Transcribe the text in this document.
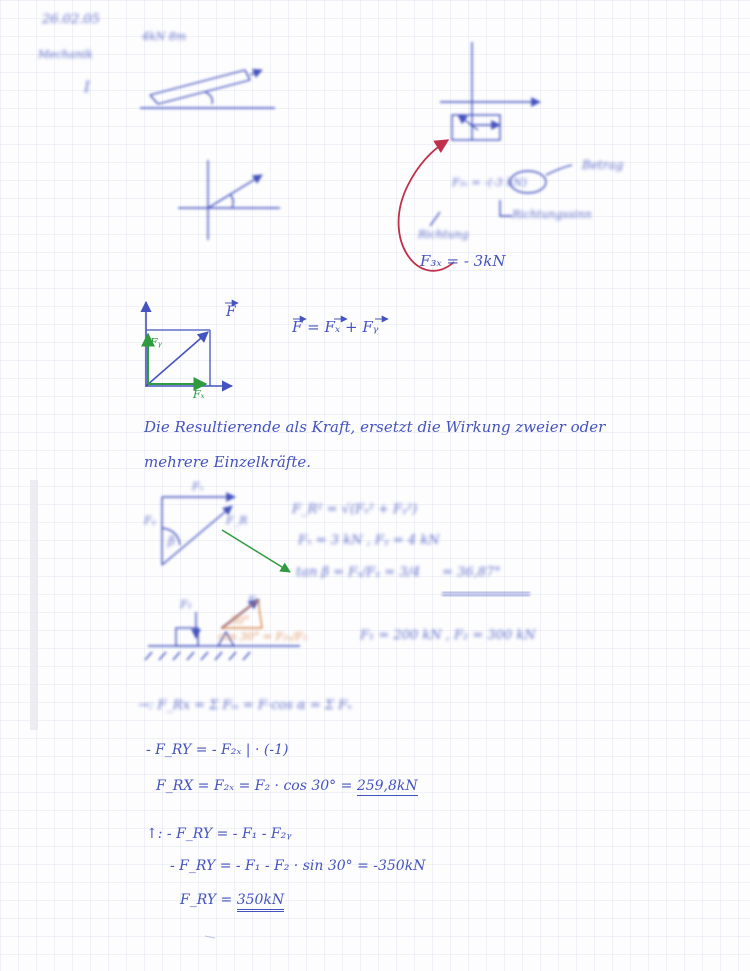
26.02.05
Mechanik
I
4kN 8m
F₃ₓ = -(-3 kN)
Betrag
Richtung
Richtungssinn
F₃ₓ = - 3kN
F
Fᵧ
Fₓ
F = Fₓ + Fᵧ
Die Resultierende als Kraft, ersetzt die Wirkung zweier oder
mehrere Einzelkräfte.
Fₓ
Fᵧ
β
F_R
F_R² = √(Fₓ² + Fᵧ²)
Fₓ = 3 kN , Fᵧ = 4 kN
tan β = Fₓ/Fᵧ = 3/4 = 36,87°
F₁	F₂
30°
cos 30° = F₂ₓ/F₂	F₁ = 200 kN , F₂ = 300 kN
→: F_Rx = Σ Fᵢₓ = F·cos α = Σ Fₓ
- F_RY = - F₂ₓ | · (-1)
F_RX = F₂ₓ = F₂ · cos 30° = 259,8kN
↑: - F_RY = - F₁ - F₂ᵧ
- F_RY = - F₁ - F₂ · sin 30° = -350kN
F_RY = 350kN
